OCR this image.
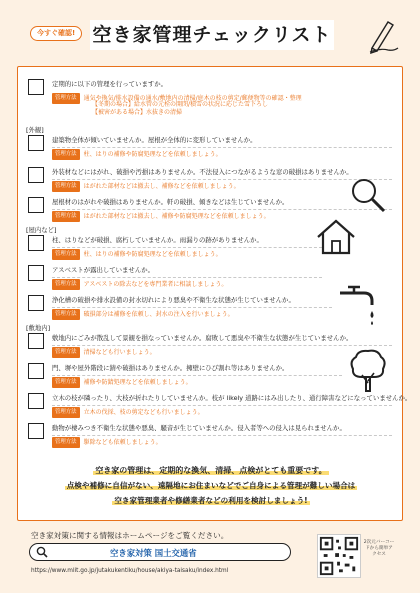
今すぐ確認! 空き家管理チェックリスト
定期的に以下の管理を行っていますか。
管理方法 通気や換気/排水設備の通水/敷地内の清掃/庭木の枝の剪定/郵便物等の確認・整理
【冬期の場合】給水管の元栓の開閉/積雪の状況に応じた雪下ろし
【被害がある場合】水抜きの清掃
[外観]
建築物全体が傾いていませんか。屋根が全体的に変形していませんか。
管理方法 柱、はりの補修や防腐処理などを依頼しましょう。
外装材などにはがれ、破損や汚損はありませんか。不法侵入につながるような窓の破損はありませんか。
管理方法 はがれた部材などは撤去し、補修などを依頼しましょう。
屋根材のはがれや破損はありませんか。軒の破損、傾きなどは生じていませんか。
管理方法 はがれた部材などは撤去し、補修や防腐処理などを依頼しましょう。
[屋内など]
柱、はりなどが破損、腐朽していませんか。雨漏りの跡がありませんか。
管理方法 柱、はりの補修や防腐処理などを依頼しましょう。
アスベストが露出していませんか。
管理方法 アスベストの除去などを専門業者に相談しましょう。
浄化槽の破損や排水設備の封水切れにより悪臭や不衛生な状態が生じていませんか。
管理方法 破損部分は補修を依頼し、封水の注入を行いましょう。
[敷地内]
敷地内にごみが散乱して景観を損なっていませんか。腐敗して悪臭や不衛生な状態が生じていませんか。
管理方法 清掃なども行いましょう。
門、塀や屋外階段に錆や破損はありませんか。擁壁にひび割れ等はありませんか。
管理方法 補修や防錆処理などを依頼しましょう。
立木の枝が隣ったり、大枝が折れたりしていませんか。枝が likely 道路にはみ出したり、通行障害などになっていませんか。
管理方法 立木の伐採、枝の剪定なども行いましょう。
動物が棲みつき不衛生な状態や悪臭、騒音が生じていませんか。侵入者等への侵入は見られませんか。
管理方法 駆除なども依頼しましょう。
空き家の管理は、定期的な換気、清掃、点検がとても重要です。
点検や補修に自信がない、遠隔地にお住まいなどでご自身による管理が難しい場合は
空き家管理業者や修繕業者などの利用を検討しましょう!
空き家対策に関する情報はホームページをご覧ください。
空き家対策 国土交通省
https://www.mlit.go.jp/jutakukentiku/house/akiya-taisaku/index.html
2次元バーコードから簡単アクセス
